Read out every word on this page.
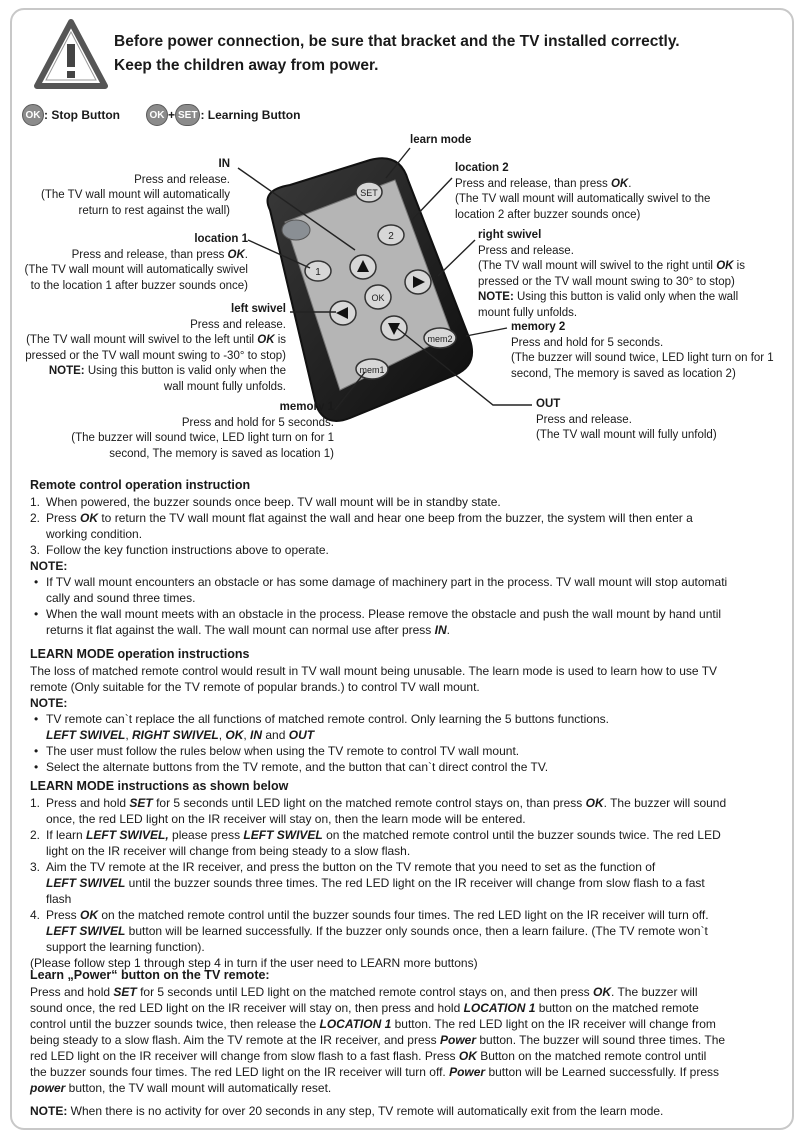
Before power connection, be sure that bracket and the TV installed correctly.
Keep the children away from power.
OK : Stop Button	OK + SET : Learning Button
SET
2
1
OK
mem2
mem1
learn mode
IN
Press and release.
(The TV wall mount will automatically
return to rest against the wall)
location 2
Press and release, than press OK.
(The TV wall mount will automatically swivel to the
location 2 after buzzer sounds once)
location 1
Press and release, than press OK.
(The TV wall mount will automatically swivel
to the location 1 after buzzer sounds once)
right swivel
Press and release.
(The TV wall mount will swivel to the right until OK is
pressed or the TV wall mount swing to 30° to stop)
NOTE: Using this button is valid only when the wall
mount fully unfolds.
left swivel
Press and release.
(The TV wall mount will swivel to the left until OK is
pressed or the TV wall mount swing to -30° to stop)
NOTE: Using this button is valid only when the
wall mount fully unfolds.
memory 2
Press and hold for 5 seconds.
(The buzzer will sound twice, LED light turn on for 1
second, The memory is saved as location 2)
memory 1
Press and hold for 5 seconds.
(The buzzer will sound twice, LED light turn on for 1
second, The memory is saved as location 1)
OUT
Press and release.
(The TV wall mount will fully unfold)
Remote control operation instruction
1. When powered, the buzzer sounds once beep. TV wall mount will be in standby state.
2. Press OK to return the TV wall mount flat against the wall and hear one beep from the buzzer, the system will then enter a
working condition.
3. Follow the key function instructions above to operate.

NOTE:

• If TV wall mount encounters an obstacle or has some damage of machinery part in the process. TV wall mount will stop automati
cally and sound three times.
• When the wall mount meets with an obstacle in the process. Please remove the obstacle and push the wall mount by hand until
returns it flat against the wall. The wall mount can normal use after press IN.
LEARN MODE operation instructions

The loss of matched remote control would result in TV wall mount being unusable. The learn mode is used to learn how to use TV

remote (Only suitable for the TV remote of popular brands.) to control TV wall mount.

NOTE:

• TV remote can`t replace the all functions of matched remote control. Only learning the 5 buttons functions.
LEFT SWIVEL, RIGHT SWIVEL, OK, IN and OUT
• The user must follow the rules below when using the TV remote to control TV wall mount.
• Select the alternate buttons from the TV remote, and the button that can`t direct control the TV.
LEARN MODE instructions as shown below
1. Press and hold SET for 5 seconds until LED light on the matched remote control stays on, than press OK. The buzzer will sound
once, the red LED light on the IR receiver will stay on, then the learn mode will be entered.
2. If learn LEFT SWIVEL, please press LEFT SWIVEL on the matched remote control until the buzzer sounds twice. The red LED
light on the IR receiver will change from being steady to a slow flash.
3. Aim the TV remote at the IR receiver, and press the button on the TV remote that you need to set as the function of
LEFT SWIVEL until the buzzer sounds three times. The red LED light on the IR receiver will change from slow flash to a fast
flash
4. Press OK on the matched remote control until the buzzer sounds four times. The red LED light on the IR receiver will turn off.
LEFT SWIVEL button will be learned successfully. If the buzzer only sounds once, then a learn failure. (The TV remote won`t
support the learning function).

(Please follow step 1 through step 4 in turn if the user need to LEARN more buttons)

Learn „Power“ button on the TV remote:

Press and hold SET for 5 seconds until LED light on the matched remote control stays on, and then press OK. The buzzer will

sound once, the red LED light on the IR receiver will stay on, then press and hold LOCATION 1 button on the matched remote

control until the buzzer sounds twice, then release the LOCATION 1 button. The red LED light on the IR receiver will change from

being steady to a slow flash. Aim the TV remote at the IR receiver, and press Power button. The buzzer will sound three times. The

red LED light on the IR receiver will change from slow flash to a fast flash. Press OK Button on the matched remote control until

the buzzer sounds four times. The red LED light on the IR receiver will turn off. Power button will be Learned successfully. If press

power button, the TV wall mount will automatically reset.

NOTE: When there is no activity for over 20 seconds in any step, TV remote will automatically exit from the learn mode.
